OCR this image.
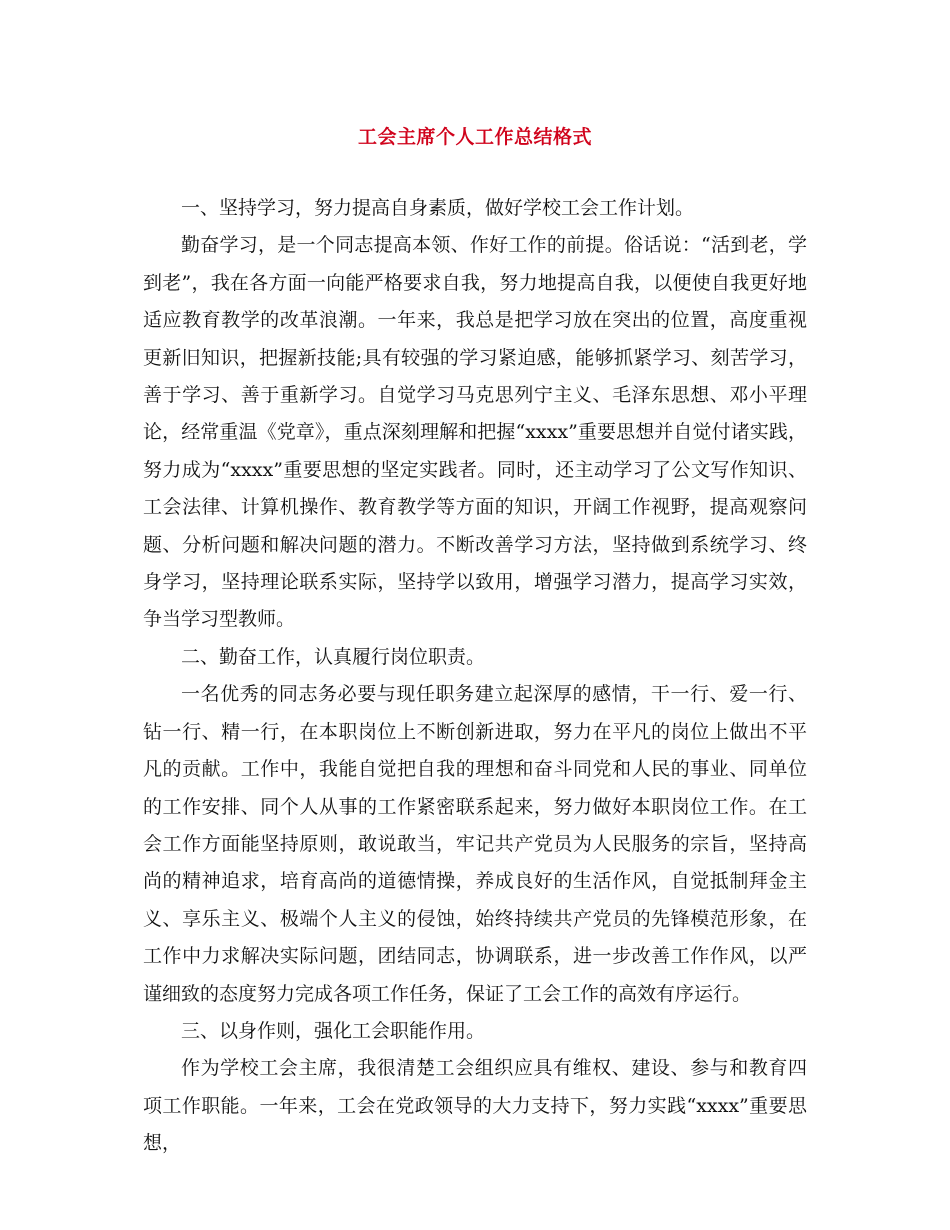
工会主席个人工作总结格式

一、坚持学习，努力提高自身素质，做好学校工会工作计划。

勤奋学习，是一个同志提高本领、作好工作的前提。俗话说：“活到老，学到老”，我在各方面一向能严格要求自我，努力地提高自我，以便使自我更好地适应教育教学的改革浪潮。一年来，我总是把学习放在突出的位置，高度重视更新旧知识，把握新技能;具有较强的学习紧迫感，能够抓紧学习、刻苦学习，善于学习、善于重新学习。自觉学习马克思列宁主义、毛泽东思想、邓小平理论，经常重温《党章》，重点深刻理解和把握“xxxx”重要思想并自觉付诸实践，努力成为“xxxx”重要思想的坚定实践者。同时，还主动学习了公文写作知识、工会法律、计算机操作、教育教学等方面的知识，开阔工作视野，提高观察问题、分析问题和解决问题的潜力。不断改善学习方法，坚持做到系统学习、终身学习，坚持理论联系实际，坚持学以致用，增强学习潜力，提高学习实效，争当学习型教师。

二、勤奋工作，认真履行岗位职责。

一名优秀的同志务必要与现任职务建立起深厚的感情，干一行、爱一行、钻一行、精一行，在本职岗位上不断创新进取，努力在平凡的岗位上做出不平凡的贡献。工作中，我能自觉把自我的理想和奋斗同党和人民的事业、同单位的工作安排、同个人从事的工作紧密联系起来，努力做好本职岗位工作。在工会工作方面能坚持原则，敢说敢当，牢记共产党员为人民服务的宗旨，坚持高尚的精神追求，培育高尚的道德情操，养成良好的生活作风，自觉抵制拜金主义、享乐主义、极端个人主义的侵蚀，始终持续共产党员的先锋模范形象，在工作中力求解决实际问题，团结同志，协调联系，进一步改善工作作风，以严谨细致的态度努力完成各项工作任务，保证了工会工作的高效有序运行。

三、以身作则，强化工会职能作用。

作为学校工会主席，我很清楚工会组织应具有维权、建设、参与和教育四项工作职能。一年来，工会在党政领导的大力支持下，努力实践“xxxx”重要思想，
